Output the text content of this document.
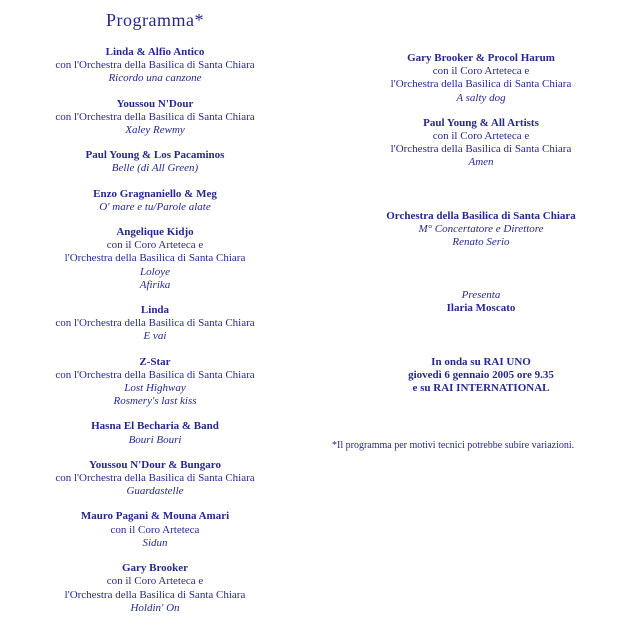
Programma*
Linda & Alfio Antico
con l'Orchestra della Basilica di Santa Chiara
Ricordo una canzone
Youssou N'Dour
con l'Orchestra della Basilica di Santa Chiara
Xaley Rewmy
Paul Young & Los Pacaminos
Belle (di All Green)
Enzo Gragnaniello & Meg
O' mare e tu/Parole alate
Angelique Kidjo
con il Coro Arteteca e
l'Orchestra della Basilica di Santa Chiara
Loloye
Afirika
Linda
con l'Orchestra della Basilica di Santa Chiara
E vai
Z-Star
con l'Orchestra della Basilica di Santa Chiara
Lost Highway
Rosmery's last kiss
Hasna El Becharia & Band
Bouri Bouri
Youssou N'Dour & Bungaro
con l'Orchestra della Basilica di Santa Chiara
Guardastelle
Mauro Pagani & Mouna Amari
con il Coro Arteteca
Sidun
Gary Brooker
con il Coro Arteteca e
l'Orchestra della Basilica di Santa Chiara
Holdin' On
Gary Brooker & Procol Harum
con il Coro Arteteca e
l'Orchestra della Basilica di Santa Chiara
A salty dog
Paul Young & All Artists
con il Coro Arteteca e
l'Orchestra della Basilica di Santa Chiara
Amen
Orchestra della Basilica di Santa Chiara
M° Concertatore e Direttore
Renato Serio
Presenta
Ilaria Moscato
In onda su RAI UNO
giovedì 6 gennaio 2005 ore 9.35
e su RAI INTERNATIONAL
*Il programma per motivi tecnici potrebbe subire variazioni.
